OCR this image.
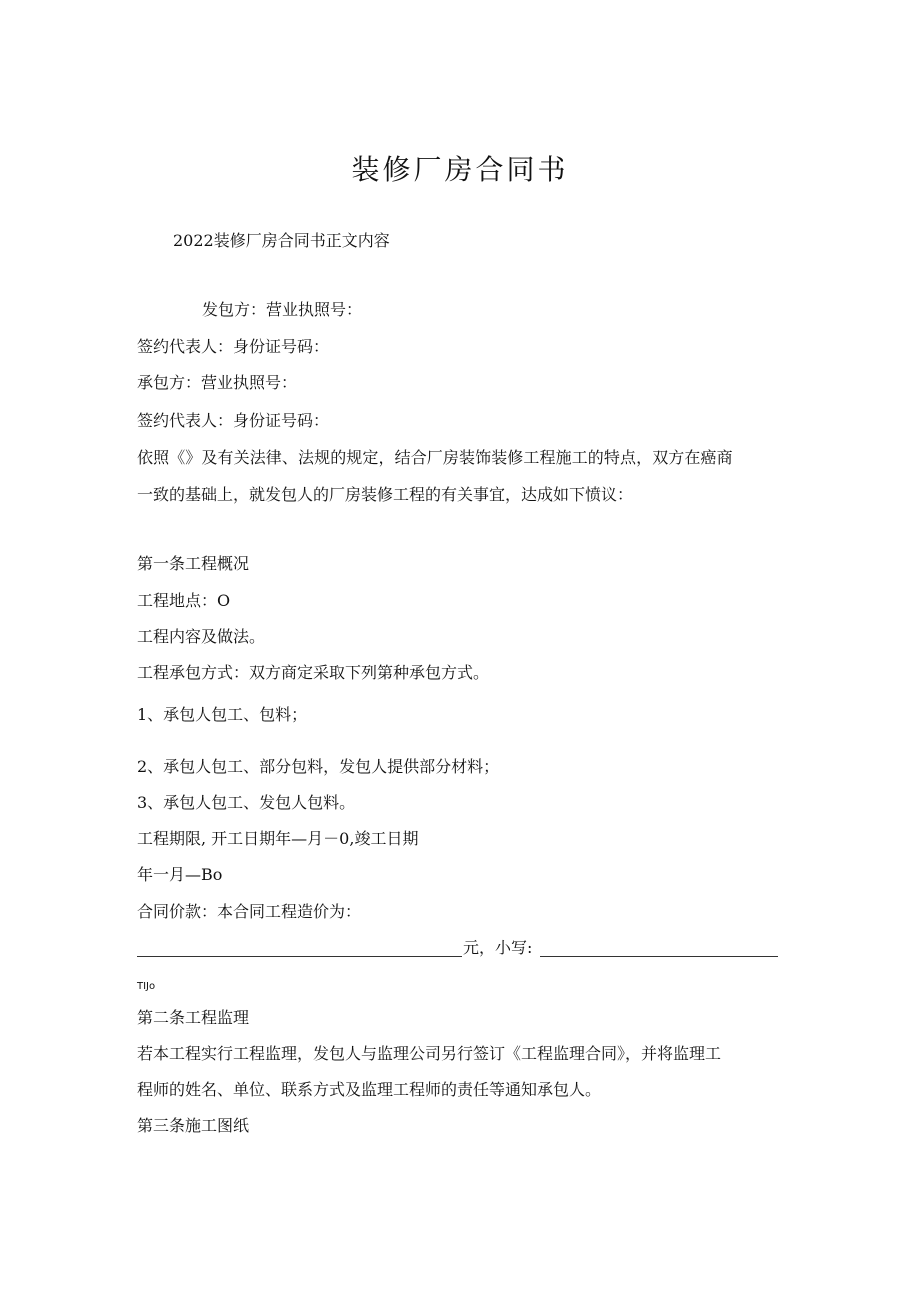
装修厂房合同书
2022装修厂房合同书正文内容
发包方：营业执照号：
签约代表人：身份证号码：
承包方：营业执照号：
签约代表人：身份证号码：
依照《》及有关法律、法规的规定，结合厂房装饰装修工程施工的特点，双方在癌商
一致的基础上，就发包人的厂房装修工程的有关事宜，达成如下愤议：
第一条工程概况
工程地点：O
工程内容及做法。
工程承包方式：双方商定采取下列第种承包方式。
1、承包人包工、包料；
2、承包人包工、部分包料，发包人提供部分材料；
3、承包人包工、发包人包料。
工程期限, 开工日期年—月－0,竣工日期
年一月—Bo
合同价款：本合同工程造价为：
元，小写:
TIJo
第二条工程监理
若本工程实行工程监理，发包人与监理公司另行签订《工程监理合同》，并将监理工
程师的姓名、单位、联系方式及监理工程师的责任等通知承包人。
第三条施工图纸
